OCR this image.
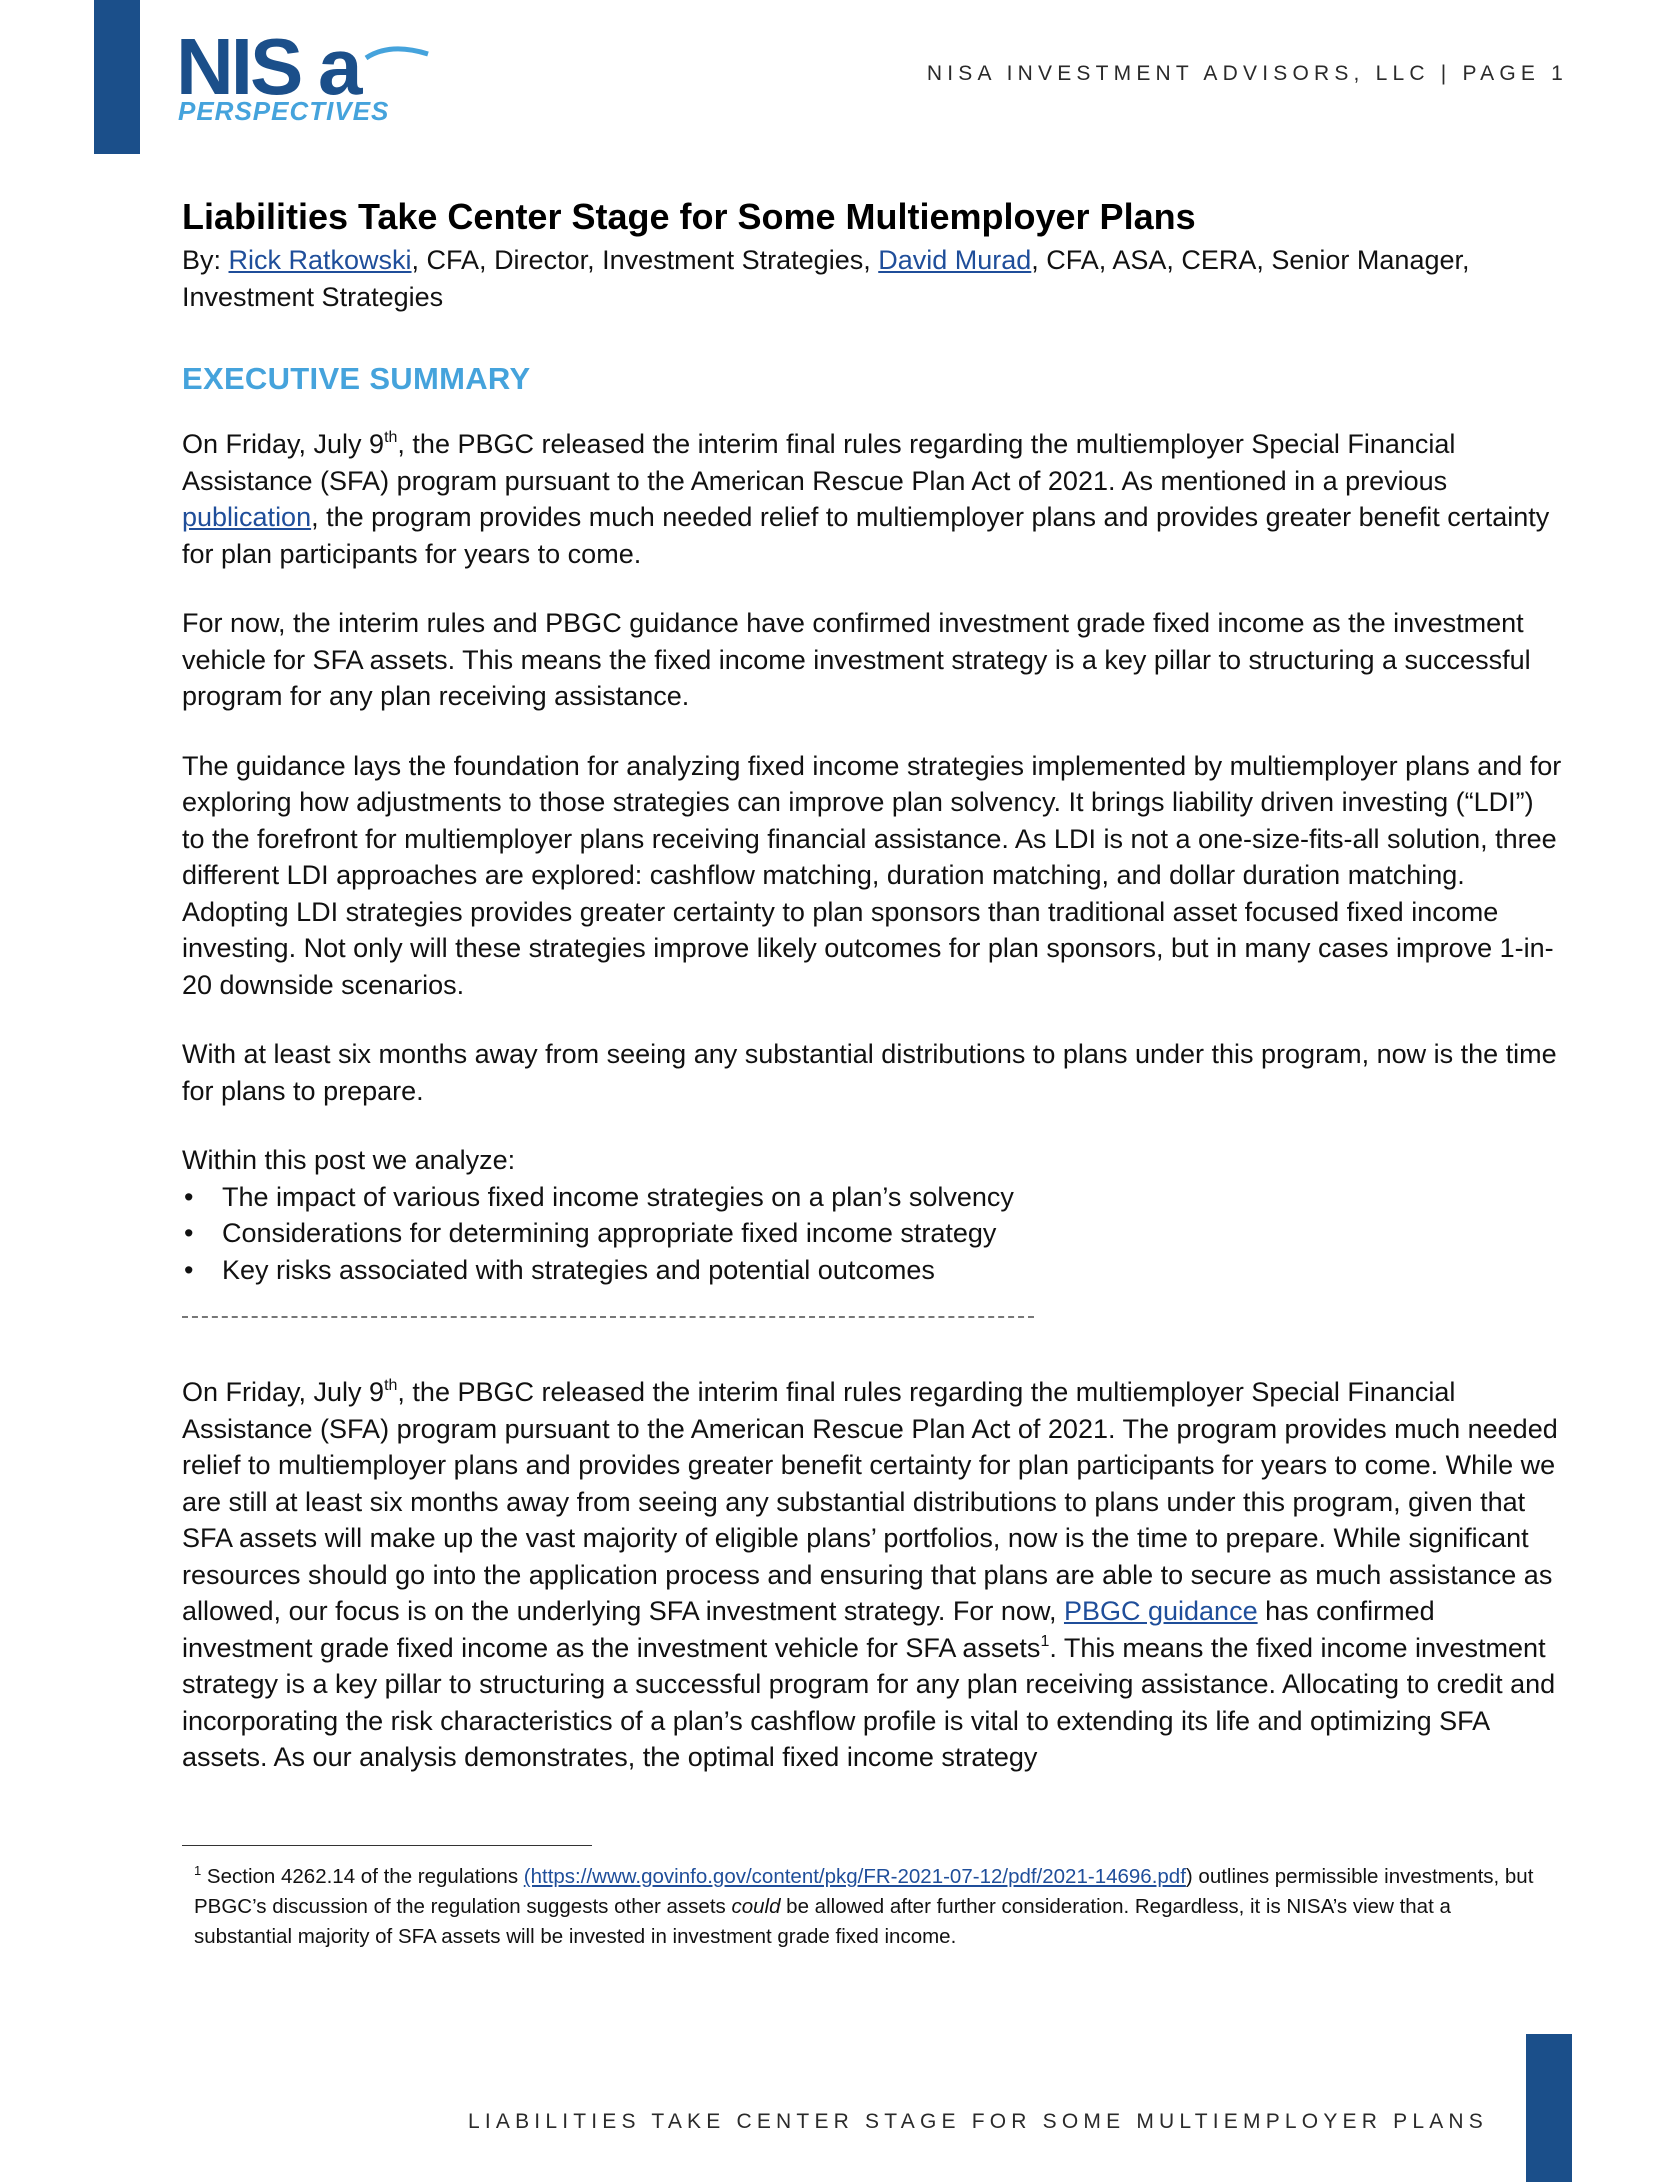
NIS a
PERSPECTIVES
NISA INVESTMENT ADVISORS, LLC | PAGE 1
Liabilities Take Center Stage for Some Multiemployer Plans

By: Rick Ratkowski, CFA, Director, Investment Strategies, David Murad, CFA, ASA, CERA, Senior Manager, Investment Strategies

EXECUTIVE SUMMARY

On Friday, July 9th, the PBGC released the interim final rules regarding the multiemployer Special Financial Assistance (SFA) program pursuant to the American Rescue Plan Act of 2021. As mentioned in a previous publication, the program provides much needed relief to multiemployer plans and provides greater benefit certainty for plan participants for years to come.

For now, the interim rules and PBGC guidance have confirmed investment grade fixed income as the investment vehicle for SFA assets. This means the fixed income investment strategy is a key pillar to structuring a successful program for any plan receiving assistance.

The guidance lays the foundation for analyzing fixed income strategies implemented by multiemployer plans and for exploring how adjustments to those strategies can improve plan solvency. It brings liability driven investing (“LDI”) to the forefront for multiemployer plans receiving financial assistance. As LDI is not a one-size-fits-all solution, three different LDI approaches are explored: cashflow matching, duration matching, and dollar duration matching. Adopting LDI strategies provides greater certainty to plan sponsors than traditional asset focused fixed income investing. Not only will these strategies improve likely outcomes for plan sponsors, but in many cases improve 1-in-20 downside scenarios.

With at least six months away from seeing any substantial distributions to plans under this program, now is the time for plans to prepare.

Within this post we analyze:

• The impact of various fixed income strategies on a plan’s solvency
• Considerations for determining appropriate fixed income strategy
• Key risks associated with strategies and potential outcomes

On Friday, July 9th, the PBGC released the interim final rules regarding the multiemployer Special Financial Assistance (SFA) program pursuant to the American Rescue Plan Act of 2021. The program provides much needed relief to multiemployer plans and provides greater benefit certainty for plan participants for years to come. While we are still at least six months away from seeing any substantial distributions to plans under this program, given that SFA assets will make up the vast majority of eligible plans’ portfolios, now is the time to prepare. While significant resources should go into the application process and ensuring that plans are able to secure as much assistance as allowed, our focus is on the underlying SFA investment strategy. For now, PBGC guidance has confirmed investment grade fixed income as the investment vehicle for SFA assets$^1$. This means the fixed income investment strategy is a key pillar to structuring a successful program for any plan receiving assistance. Allocating to credit and incorporating the risk characteristics of a plan’s cashflow profile is vital to extending its life and optimizing SFA assets. As our analysis demonstrates, the optimal fixed income strategy

$^1$ Section 4262.14 of the regulations (https://www.govinfo.gov/content/pkg/FR-2021-07-12/pdf/2021-14696.pdf) outlines permissible investments, but PBGC’s discussion of the regulation suggests other assets could be allowed after further consideration. Regardless, it is NISA’s view that a substantial majority of SFA assets will be invested in investment grade fixed income.
LIABILITIES TAKE CENTER STAGE FOR SOME MULTIEMPLOYER PLANS
